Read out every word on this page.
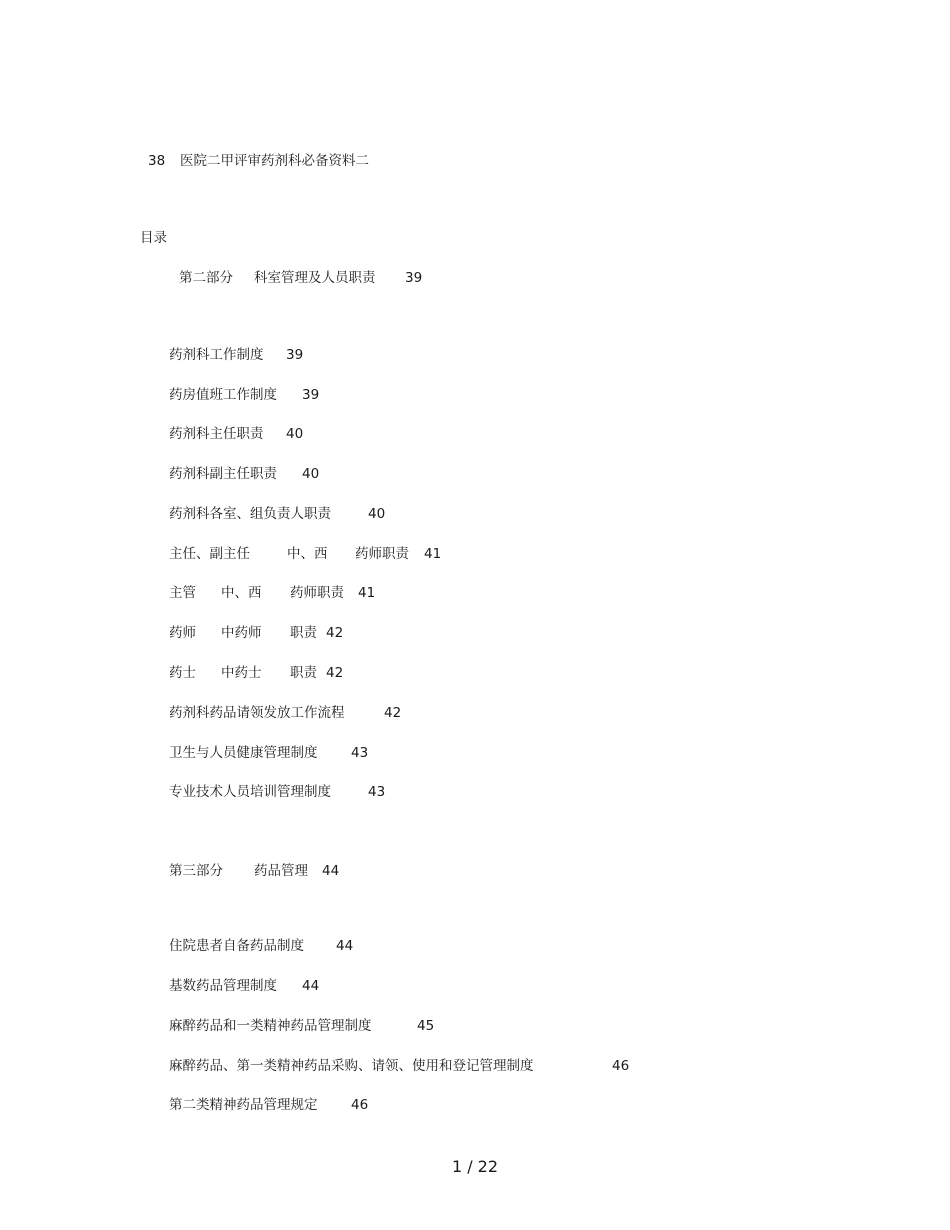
38 医院二甲评审药剂科必备资料二
目录
第二部分 科室管理及人员职责 39
药剂科工作制度 39
药房值班工作制度 39
药剂科主任职责 40
药剂科副主任职责 40
药剂科各室、组负责人职责	40
主任、副主任	中、西 药师职责 41
主管 中、西 药师职责 41
药师 中药师 职责 42
药士 中药士 职责 42
药剂科药品请领发放工作流程	42
卫生与人员健康管理制度 43
专业技术人员培训管理制度	43
第三部分 药品管理 44
住院患者自备药品制度 44
基数药品管理制度 44
麻醉药品和一类精神药品管理制度	45
麻醉药品、第一类精神药品采购、请领、使用和登记管理制度	46
第二类精神药品管理规定 46
1 / 22
